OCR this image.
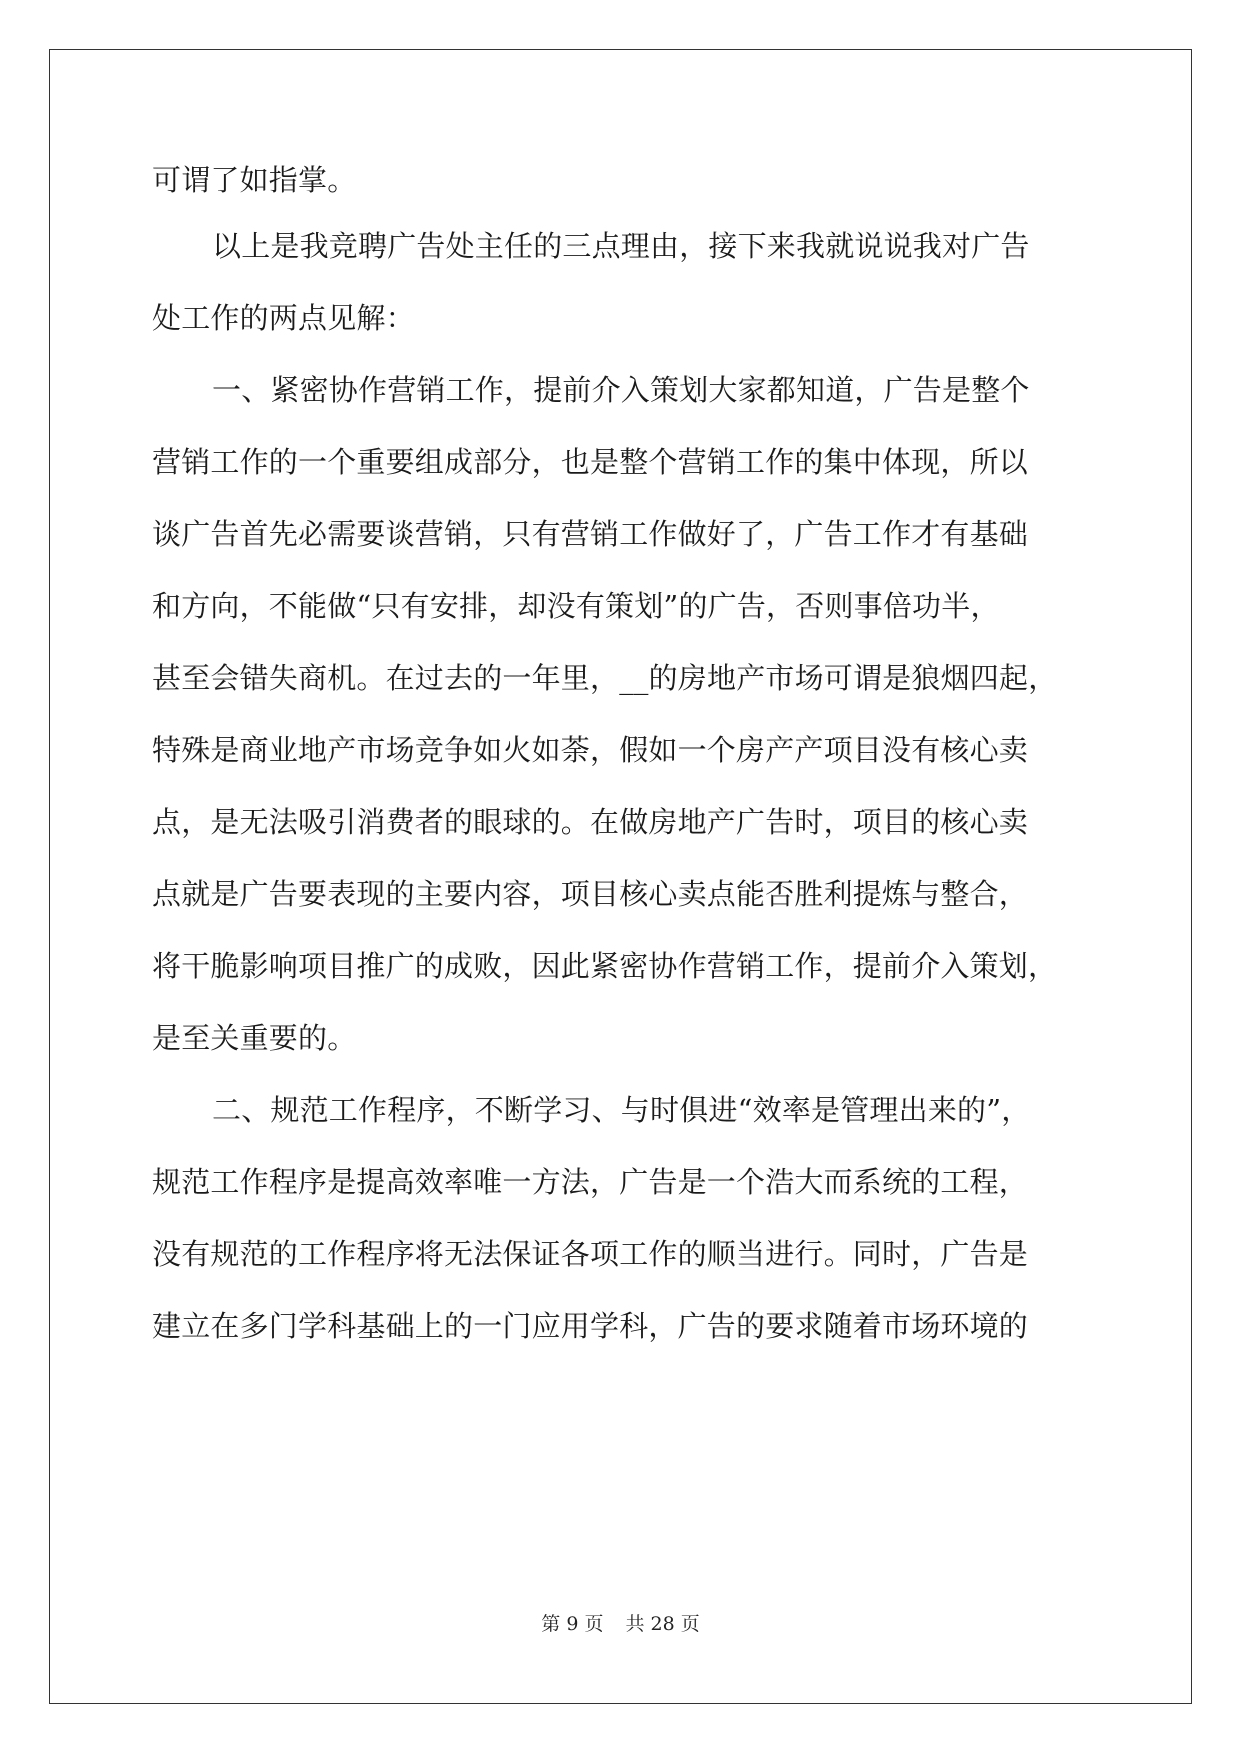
可谓了如指掌。

以上是我竞聘广告处主任的三点理由，接下来我就说说我对广告

处工作的两点见解：

一、紧密协作营销工作，提前介入策划大家都知道，广告是整个

营销工作的一个重要组成部分，也是整个营销工作的集中体现，所以

谈广告首先必需要谈营销，只有营销工作做好了，广告工作才有基础

和方向，不能做“只有安排，却没有策划”的广告，否则事倍功半，

甚至会错失商机。在过去的一年里，__的房地产市场可谓是狼烟四起，

特殊是商业地产市场竞争如火如荼，假如一个房产产项目没有核心卖

点，是无法吸引消费者的眼球的。在做房地产广告时，项目的核心卖

点就是广告要表现的主要内容，项目核心卖点能否胜利提炼与整合，

将干脆影响项目推广的成败，因此紧密协作营销工作，提前介入策划，

是至关重要的。

二、规范工作程序，不断学习、与时俱进“效率是管理出来的”，

规范工作程序是提高效率唯一方法，广告是一个浩大而系统的工程，

没有规范的工作程序将无法保证各项工作的顺当进行。同时，广告是

建立在多门学科基础上的一门应用学科，广告的要求随着市场环境的

第 9 页 共 28 页
